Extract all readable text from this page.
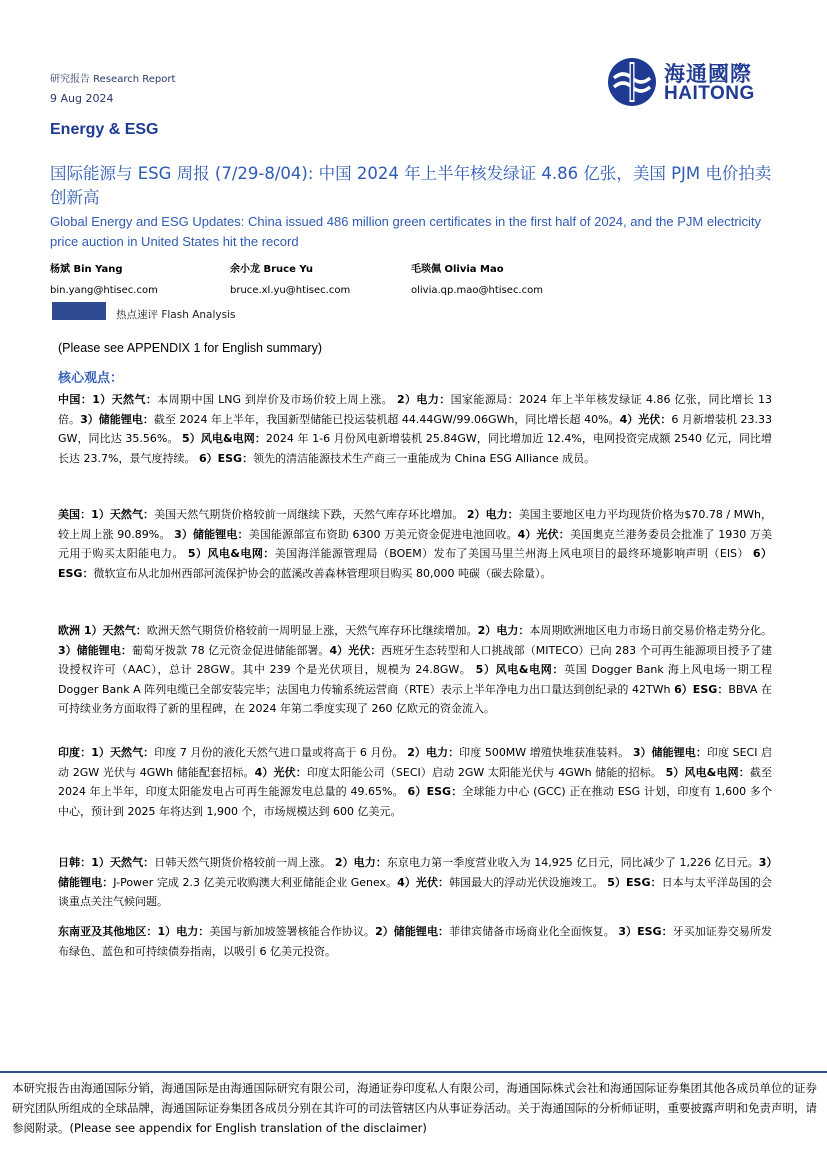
研究报告 Research Report
9 Aug 2024
海通國際
HAITONG
Energy & ESG
国际能源与 ESG 周报 (7/29-8/04): 中国 2024 年上半年核发绿证 4.86 亿张，美国 PJM 电价拍卖创新高
Global Energy and ESG Updates: China issued 486 million green certificates in the first half of 2024, and the PJM electricity price auction in United States hit the record
杨斌 Bin Yang
bin.yang@htisec.com
余小龙 Bruce Yu
bruce.xl.yu@htisec.com
毛琰佩 Olivia Mao
olivia.qp.mao@htisec.com
热点速评 Flash Analysis
(Please see APPENDIX 1 for English summary)
核心观点：
中国：1）天然气：本周期中国 LNG 到岸价及市场价较上周上涨。 2）电力：国家能源局：2024 年上半年核发绿证 4.86 亿张，同比增长 13 倍。3）储能锂电：截至 2024 年上半年，我国新型储能已投运装机超 44.44GW/99.06GWh，同比增长超 40%。4）光伏：6 月新增装机 23.33 GW，同比达 35.56%。 5）风电&电网：2024 年 1-6 月份风电新增装机 25.84GW，同比增加近 12.4%，电网投资完成额 2540 亿元，同比增长达 23.7%，景气度持续。 6）ESG：领先的清洁能源技术生产商三一重能成为 China ESG Alliance 成员。
美国：1）天然气：美国天然气期货价格较前一周继续下跌，天然气库存环比增加。 2）电力：美国主要地区电力平均现货价格为$70.78 / MWh，较上周上涨 90.89%。 3）储能锂电：美国能源部宣布资助 6300 万美元资金促进电池回收。4）光伏：美国奥克兰港务委员会批准了 1930 万美元用于购买太阳能电力。 5）风电&电网：美国海洋能源管理局（BOEM）发布了美国马里兰州海上风电项目的最终环境影响声明（EIS） 6）ESG：微软宣布从北加州西部河流保护协会的蓝溪改善森林管理项目购买 80,000 吨碳（碳去除量）。
欧洲 1）天然气：欧洲天然气期货价格较前一周明显上涨，天然气库存环比继续增加。2）电力：本周期欧洲地区电力市场日前交易价格走势分化。 3）储能锂电：葡萄牙拨款 78 亿元资金促进储能部署。4）光伏：西班牙生态转型和人口挑战部（MITECO）已向 283 个可再生能源项目授予了建设授权许可（AAC），总计 28GW。其中 239 个是光伏项目，规模为 24.8GW。 5）风电&电网：英国 Dogger Bank 海上风电场一期工程 Dogger Bank A 阵列电缆已全部安装完毕；法国电力传输系统运营商（RTE）表示上半年净电力出口量达到创纪录的 42TWh 6）ESG：BBVA 在可持续业务方面取得了新的里程碑，在 2024 年第二季度实现了 260 亿欧元的资金流入。
印度：1）天然气：印度 7 月份的液化天然气进口量或将高于 6 月份。 2）电力：印度 500MW 增殖快堆获准装料。 3）储能锂电：印度 SECI 启动 2GW 光伏与 4GWh 储能配套招标。4）光伏：印度太阳能公司（SECI）启动 2GW 太阳能光伏与 4GWh 储能的招标。 5）风电&电网：截至 2024 年上半年，印度太阳能发电占可再生能源发电总量的 49.65%。 6）ESG：全球能力中心 (GCC) 正在推动 ESG 计划，印度有 1,600 多个中心，预计到 2025 年将达到 1,900 个，市场规模达到 600 亿美元。
日韩：1）天然气：日韩天然气期货价格较前一周上涨。 2）电力：东京电力第一季度营业收入为 14,925 亿日元，同比减少了 1,226 亿日元。3）储能锂电：J-Power 完成 2.3 亿美元收购澳大利亚储能企业 Genex。4）光伏：韩国最大的浮动光伏设施竣工。 5）ESG：日本与太平洋岛国的会谈重点关注气候问题。
东南亚及其他地区：1）电力：美国与新加坡签署核能合作协议。2）储能锂电：菲律宾储备市场商业化全面恢复。 3）ESG：牙买加证券交易所发布绿色、蓝色和可持续债券指南，以吸引 6 亿美元投资。
本研究报告由海通国际分销，海通国际是由海通国际研究有限公司，海通证券印度私人有限公司，海通国际株式会社和海通国际证券集团其他各成员单位的证券研究团队所组成的全球品牌，海通国际证券集团各成员分别在其许可的司法管辖区内从事证券活动。关于海通国际的分析师证明，重要披露声明和免责声明，请参阅附录。(Please see appendix for English translation of the disclaimer)
